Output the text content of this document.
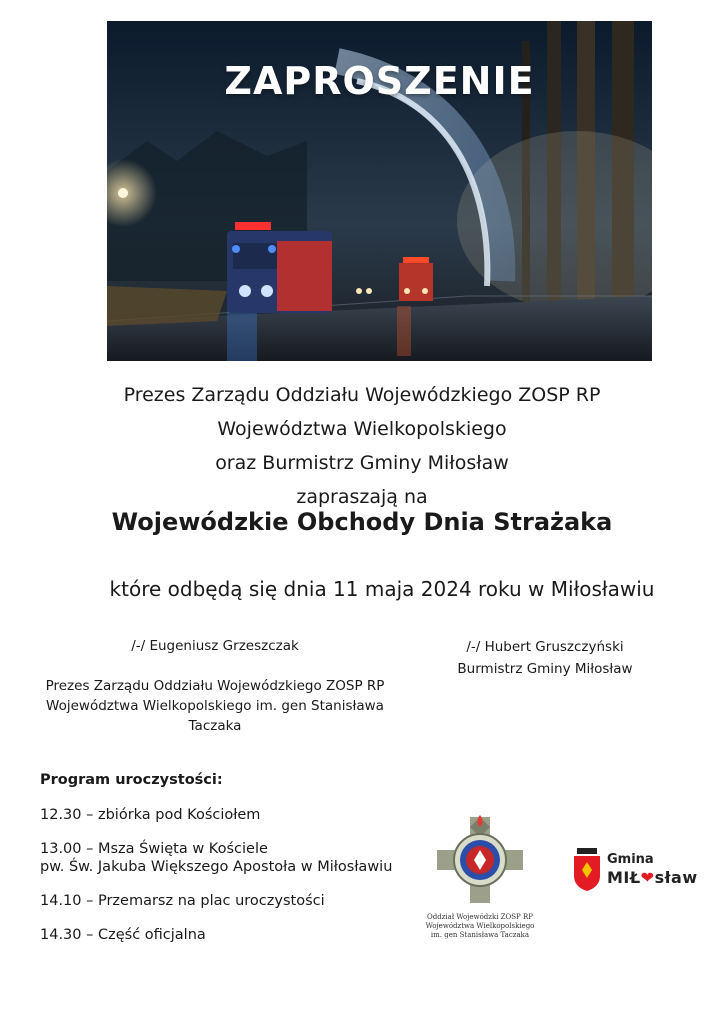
ZAPROSZENIE
Prezes Zarządu Oddziału Wojewódzkiego ZOSP RP
Województwa Wielkopolskiego
oraz Burmistrz Gminy Miłosław
zapraszają na
Wojewódzkie Obchody Dnia Strażaka
które odbędą się dnia 11 maja 2024 roku w Miłosławiu
/-/ Eugeniusz Grzeszczak
Prezes Zarządu Oddziału Wojewódzkiego ZOSP RP
Województwa Wielkopolskiego im. gen Stanisława
Taczaka
/-/ Hubert Gruszczyński
Burmistrz Gminy Miłosław
Program uroczystości:
12.30 – zbiórka pod Kościołem
13.00 – Msza Święta w Kościele
pw. Św. Jakuba Większego Apostoła w Miłosławiu
14.10 – Przemarsz na plac uroczystości
14.30 – Część oficjalna
Oddział Wojewódzki ZOSP RP
Województwa Wielkopolskiego
im. gen Stanisława Taczaka
Gmina
MIŁ❤sław
